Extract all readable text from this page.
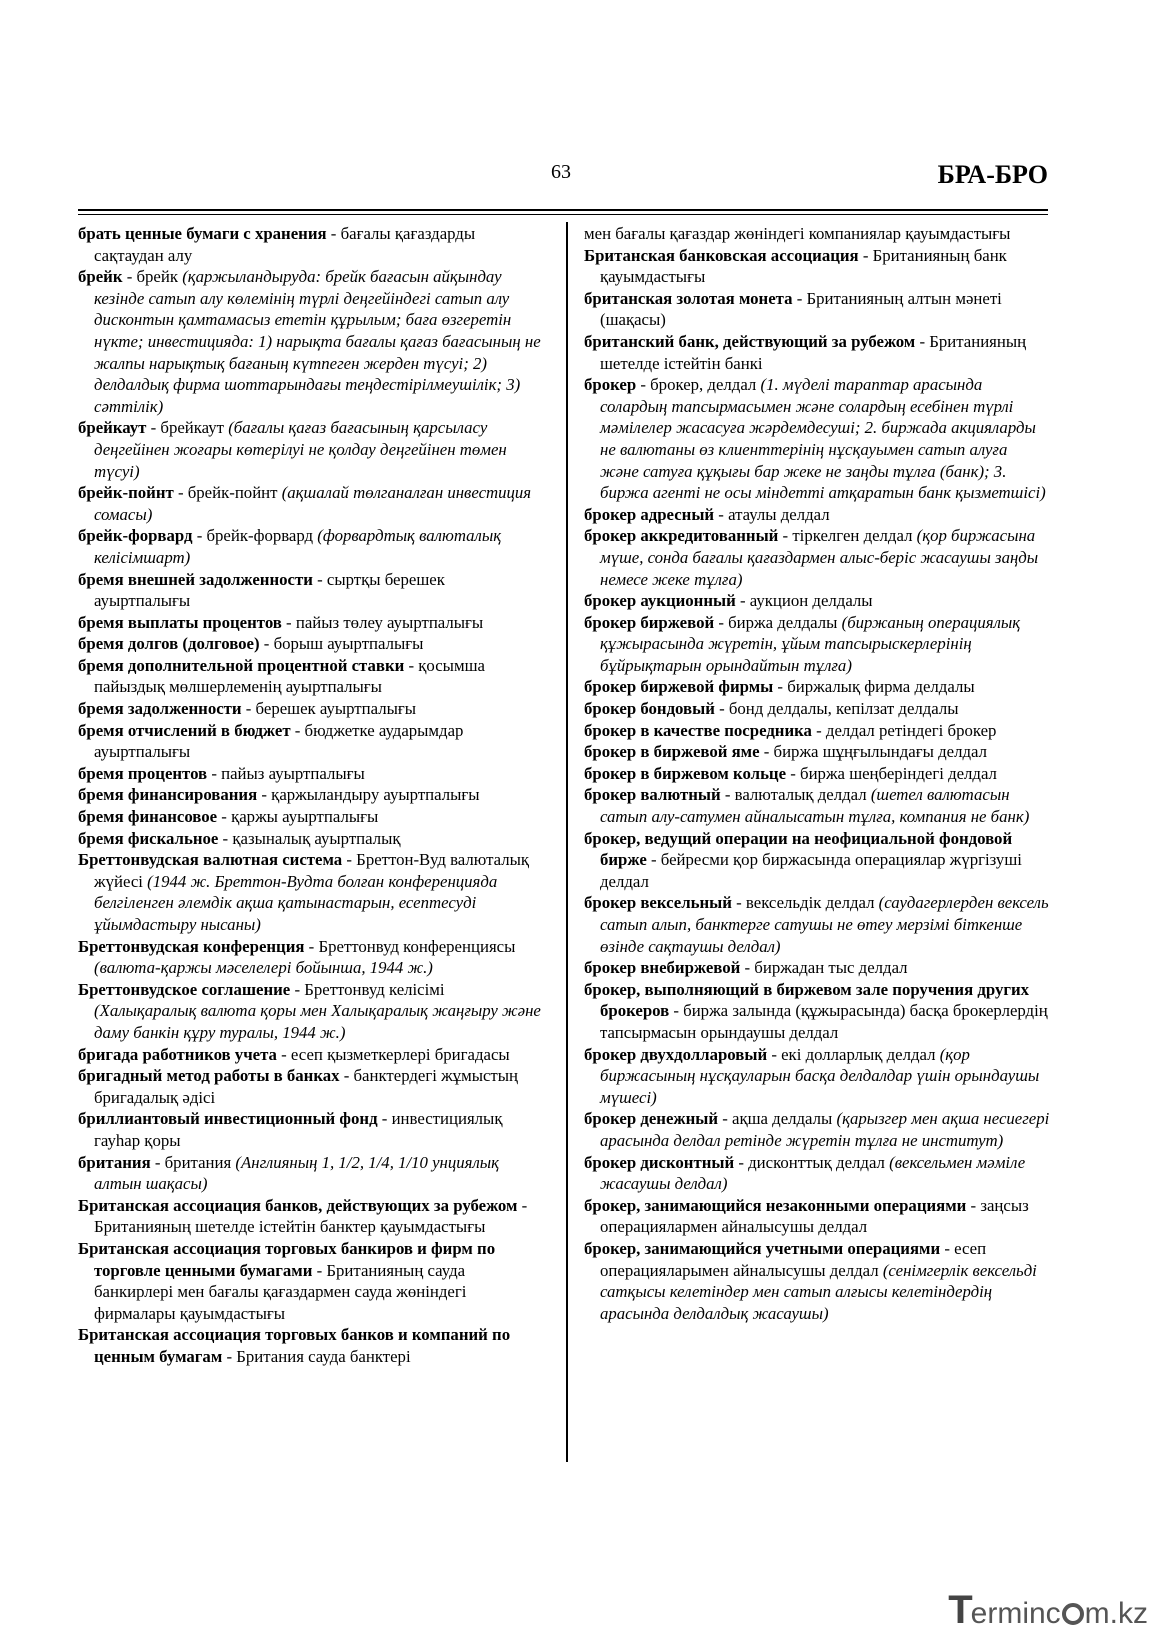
63	БРА-БРО

брать ценные бумаги с хранения - бағалы қағаздарды сақтаудан алу

брейк - брейк (қаржыландыруда: брейк бағасын айқындау кезінде сатып алу көлемінің түрлі деңгейіндегі сатып алу дисконтын қамтамасыз ететін құрылым; баға өзгеретін нүкте; инвестицияда: 1) нарықта бағалы қағаз бағасының не жалпы нарықтық бағаның күтпеген жерден түсуі; 2) делдалдық фирма шоттарындағы теңдестірілмеушілік; 3) сәттілік)

брейкаут - брейкаут (бағалы қағаз бағасының қарсыласу деңгейінен жоғары көтерілуі не қолдау деңгейінен төмен түсуі)

брейк-пойнт - брейк-пойнт (ақшалай төлганалған инвестиция сомасы)

брейк-форвард - брейк-форвард (форвардтық валюталық келісімшарт)

бремя внешней задолженности - сыртқы берешек ауыртпалығы

бремя выплаты процентов - пайыз төлеу ауыртпалығы

бремя долгов (долговое) - борыш ауыртпалығы

бремя дополнительной процентной ставки - қосымша пайыздық мөлшерлеменің ауыртпалығы

бремя задолженности - берешек ауыртпалығы

бремя отчислений в бюджет - бюджетке аударымдар ауыртпалығы

бремя процентов - пайыз ауыртпалығы

бремя финансирования - қаржыландыру ауыртпалығы

бремя финансовое - қаржы ауыртпалығы

бремя фискальное - қазыналық ауыртпалық

Бреттонвудская валютная система - Бреттон-Вуд валюталық жүйесі (1944 ж. Бреттон-Вудта болған конференцияда белгіленген әлемдік ақша қатынастарын, есептесуді ұйымдастыру нысаны)

Бреттонвудская конференция - Бреттонвуд конференциясы (валюта-қаржы мәселелері бойынша, 1944 ж.)

Бреттонвудское соглашение - Бреттонвуд келісімі (Халықаралық валюта қоры мен Халықаралық жаңғыру және даму банкін құру туралы, 1944 ж.)

бригада работников учета - есеп қызметкерлері бригадасы

бригадный метод работы в банках - банктердегі жұмыстың бригадалық әдісі

бриллиантовый инвестиционный фонд - инвестициялық гауһар қоры

британия - британия (Англияның 1, 1/2, 1/4, 1/10 унциялық алтын шақасы)

Британская ассоциация банков, действующих за рубежом - Британияның шетелде істейтін банктер қауымдастығы

Британская ассоциация торговых банкиров и фирм по торговле ценными бумагами - Британияның сауда банкирлері мен бағалы қағаздармен сауда жөніндегі фирмалары қауымдастығы

Британская ассоциация торговых банков и компаний по ценным бумагам - Британия сауда банктері

мен бағалы қағаздар жөніндегі компаниялар қауымдастығы

Британская банковская ассоциация - Британияның банк қауымдастығы

британская золотая монета - Британияның алтын мәнеті (шақасы)

британский банк, действующий за рубежом - Британияның шетелде істейтін банкі

брокер - брокер, делдал (1. мүделі тараптар арасында солардың тапсырмасымен және солардың есебінен түрлі мәмілелер жасасуға жәрдемдесуші; 2. биржада акцияларды не валютаны өз клиенттерінің нұсқауымен сатып алуға және сатуға құқығы бар жеке не заңды тұлға (банк); 3. биржа агенті не осы міндетті атқаратын банк қызметшісі)

брокер адресный - атаулы делдал

брокер аккредитованный - тіркелген делдал (қор биржасына мүше, сонда бағалы қағаздармен алыс-беріс жасаушы заңды немесе жеке тұлға)

брокер аукционный - аукцион делдалы

брокер биржевой - биржа делдалы (биржаның операциялық құжырасында жүретін, ұйым тапсырыскерлерінің бұйрықтарын орындайтын тұлға)

брокер биржевой фирмы - биржалық фирма делдалы

брокер бондовый - бонд делдалы, кепілзат делдалы

брокер в качестве посредника - делдал ретіндегі брокер

брокер в биржевой яме - биржа шұңғылындағы делдал

брокер в биржевом кольце - биржа шеңберіндегі делдал

брокер валютный - валюталық делдал (шетел валютасын сатып алу-сатумен айналысатын тұлға, компания не банк)

брокер, ведущий операции на неофициальной фондовой бирже - бейресми қор биржасында операциялар жүргізуші делдал

брокер вексельный - вексельдік делдал (саудагерлерден вексель сатып алып, банктерге сатушы не өтеу мерзімі біткенше өзінде сақтаушы делдал)

брокер внебиржевой - биржадан тыс делдал

брокер, выполняющий в биржевом зале поручения других брокеров - биржа залында (құжырасында) басқа брокерлердің тапсырмасын орындаушы делдал

брокер двухдолларовый - екі долларлық делдал (қор биржасының нұсқауларын басқа делдалдар үшін орындаушы мүшесі)

брокер денежный - ақша делдалы (қарызгер мен ақша несиегері арасында делдал ретінде жүретін тұлға не институт)

брокер дисконтный - дисконттық делдал (вексельмен мәміле жасаушы делдал)

брокер, занимающийся незаконными операциями - заңсыз операциялармен айналысушы делдал

брокер, занимающийся учетными операциями - есеп операцияларымен айналысушы делдал (сенімгерлік вексельді сатқысы келетіндер мен сатып алғысы келетіндердің арасында делдалдық жасаушы)

T erminc m.kz
